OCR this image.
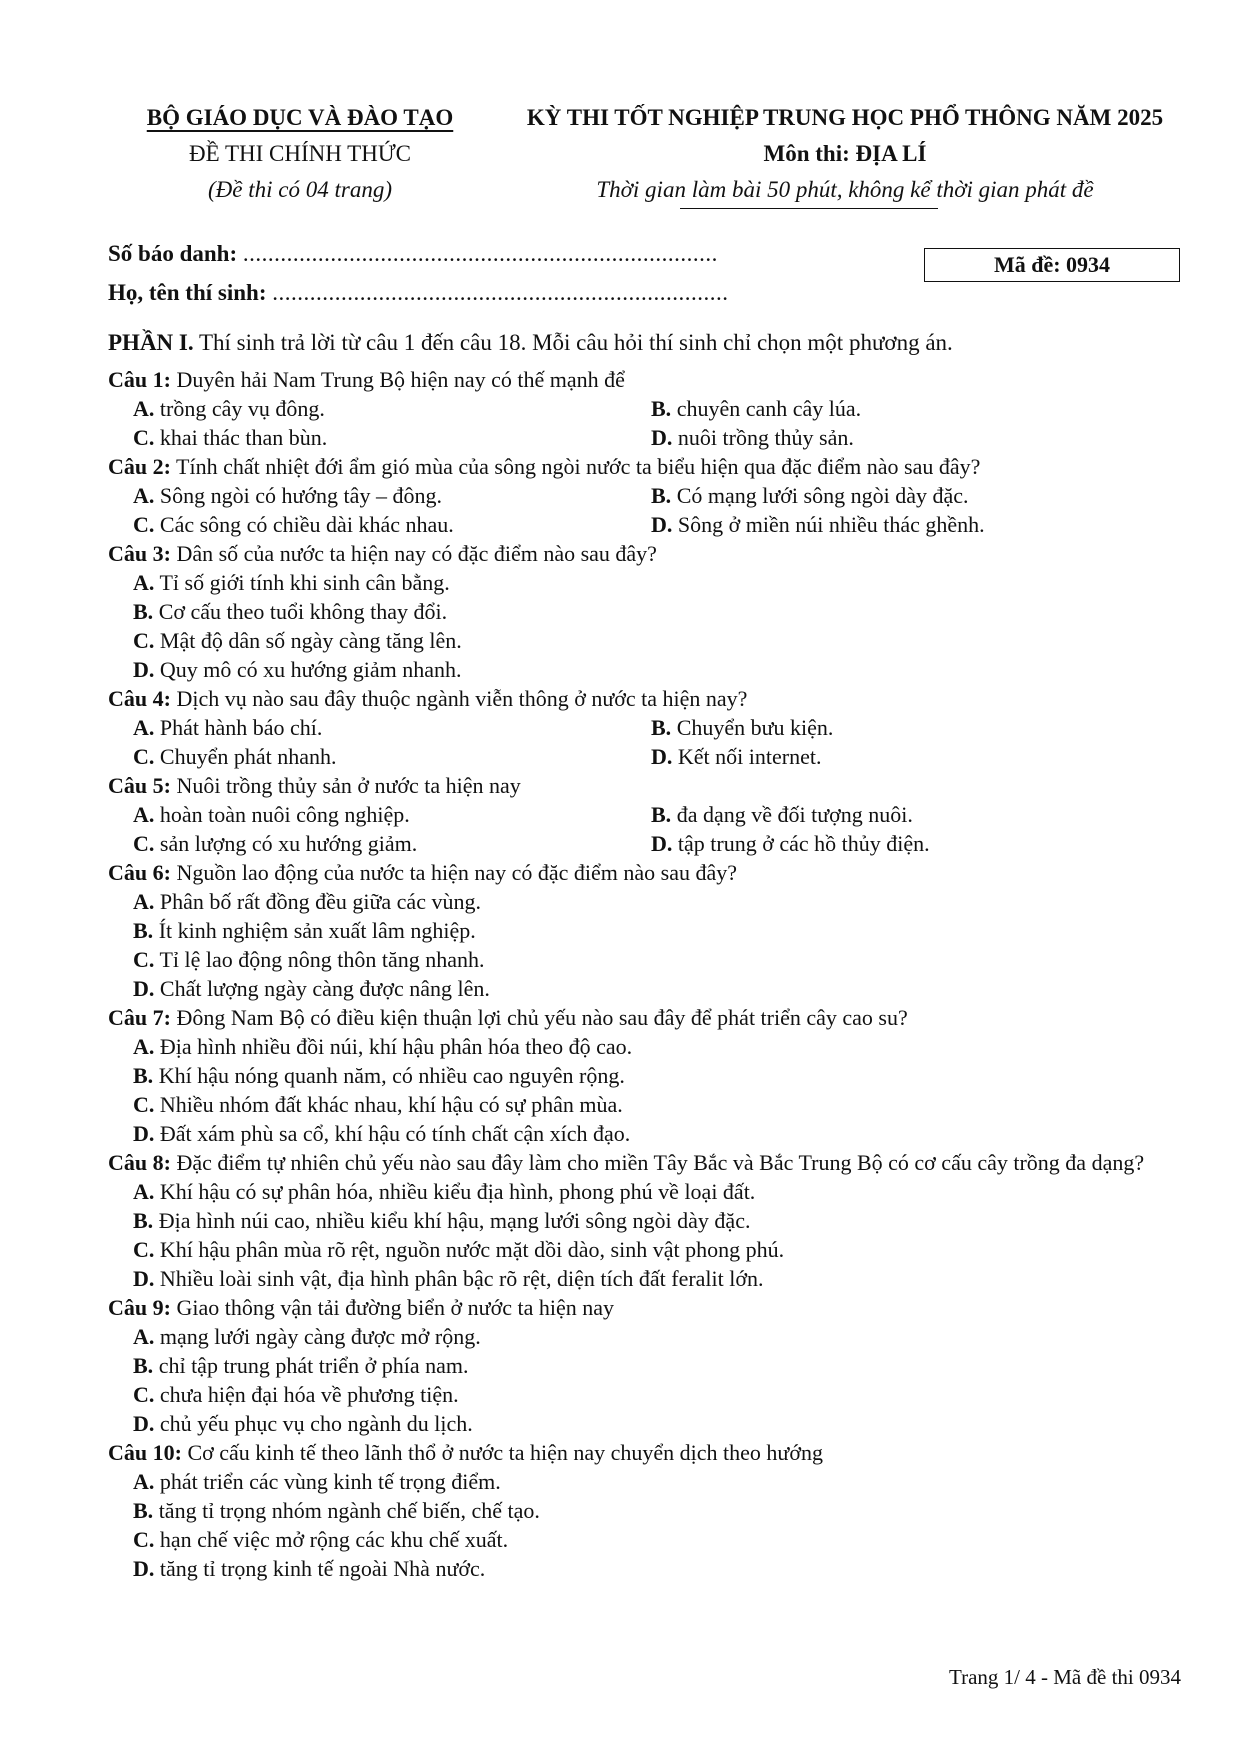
BỘ GIÁO DỤC VÀ ĐÀO TẠO
ĐỀ THI CHÍNH THỨC
(Đề thi có 04 trang)
KỲ THI TỐT NGHIỆP TRUNG HỌC PHỔ THÔNG NĂM 2025
Môn thi: ĐỊA LÍ
Thời gian làm bài 50 phút, không kể thời gian phát đề
Số báo danh: ............................................................................
Họ, tên thí sinh: .........................................................................
Mã đề: 0934
PHẦN I. Thí sinh trả lời từ câu 1 đến câu 18. Mỗi câu hỏi thí sinh chỉ chọn một phương án.
Câu 1: Duyên hải Nam Trung Bộ hiện nay có thế mạnh để
A. trồng cây vụ đông.	B. chuyên canh cây lúa.
C. khai thác than bùn.	D. nuôi trồng thủy sản.
Câu 2: Tính chất nhiệt đới ẩm gió mùa của sông ngòi nước ta biểu hiện qua đặc điểm nào sau đây?
A. Sông ngòi có hướng tây – đông.	B. Có mạng lưới sông ngòi dày đặc.
C. Các sông có chiều dài khác nhau.	D. Sông ở miền núi nhiều thác ghềnh.
Câu 3: Dân số của nước ta hiện nay có đặc điểm nào sau đây?
A. Tỉ số giới tính khi sinh cân bằng.
B. Cơ cấu theo tuổi không thay đổi.
C. Mật độ dân số ngày càng tăng lên.
D. Quy mô có xu hướng giảm nhanh.
Câu 4: Dịch vụ nào sau đây thuộc ngành viễn thông ở nước ta hiện nay?
A. Phát hành báo chí.	B. Chuyển bưu kiện.
C. Chuyển phát nhanh.	D. Kết nối internet.
Câu 5: Nuôi trồng thủy sản ở nước ta hiện nay
A. hoàn toàn nuôi công nghiệp.	B. đa dạng về đối tượng nuôi.
C. sản lượng có xu hướng giảm.	D. tập trung ở các hồ thủy điện.
Câu 6: Nguồn lao động của nước ta hiện nay có đặc điểm nào sau đây?
A. Phân bố rất đồng đều giữa các vùng.
B. Ít kinh nghiệm sản xuất lâm nghiệp.
C. Tỉ lệ lao động nông thôn tăng nhanh.
D. Chất lượng ngày càng được nâng lên.
Câu 7: Đông Nam Bộ có điều kiện thuận lợi chủ yếu nào sau đây để phát triển cây cao su?
A. Địa hình nhiều đồi núi, khí hậu phân hóa theo độ cao.
B. Khí hậu nóng quanh năm, có nhiều cao nguyên rộng.
C. Nhiều nhóm đất khác nhau, khí hậu có sự phân mùa.
D. Đất xám phù sa cổ, khí hậu có tính chất cận xích đạo.
Câu 8: Đặc điểm tự nhiên chủ yếu nào sau đây làm cho miền Tây Bắc và Bắc Trung Bộ có cơ cấu cây trồng đa dạng?
A. Khí hậu có sự phân hóa, nhiều kiểu địa hình, phong phú về loại đất.
B. Địa hình núi cao, nhiều kiểu khí hậu, mạng lưới sông ngòi dày đặc.
C. Khí hậu phân mùa rõ rệt, nguồn nước mặt dồi dào, sinh vật phong phú.
D. Nhiều loài sinh vật, địa hình phân bậc rõ rệt, diện tích đất feralit lớn.
Câu 9: Giao thông vận tải đường biển ở nước ta hiện nay
A. mạng lưới ngày càng được mở rộng.
B. chỉ tập trung phát triển ở phía nam.
C. chưa hiện đại hóa về phương tiện.
D. chủ yếu phục vụ cho ngành du lịch.
Câu 10: Cơ cấu kinh tế theo lãnh thổ ở nước ta hiện nay chuyển dịch theo hướng
A. phát triển các vùng kinh tế trọng điểm.
B. tăng tỉ trọng nhóm ngành chế biến, chế tạo.
C. hạn chế việc mở rộng các khu chế xuất.
D. tăng tỉ trọng kinh tế ngoài Nhà nước.
Trang 1/ 4 - Mã đề thi 0934
